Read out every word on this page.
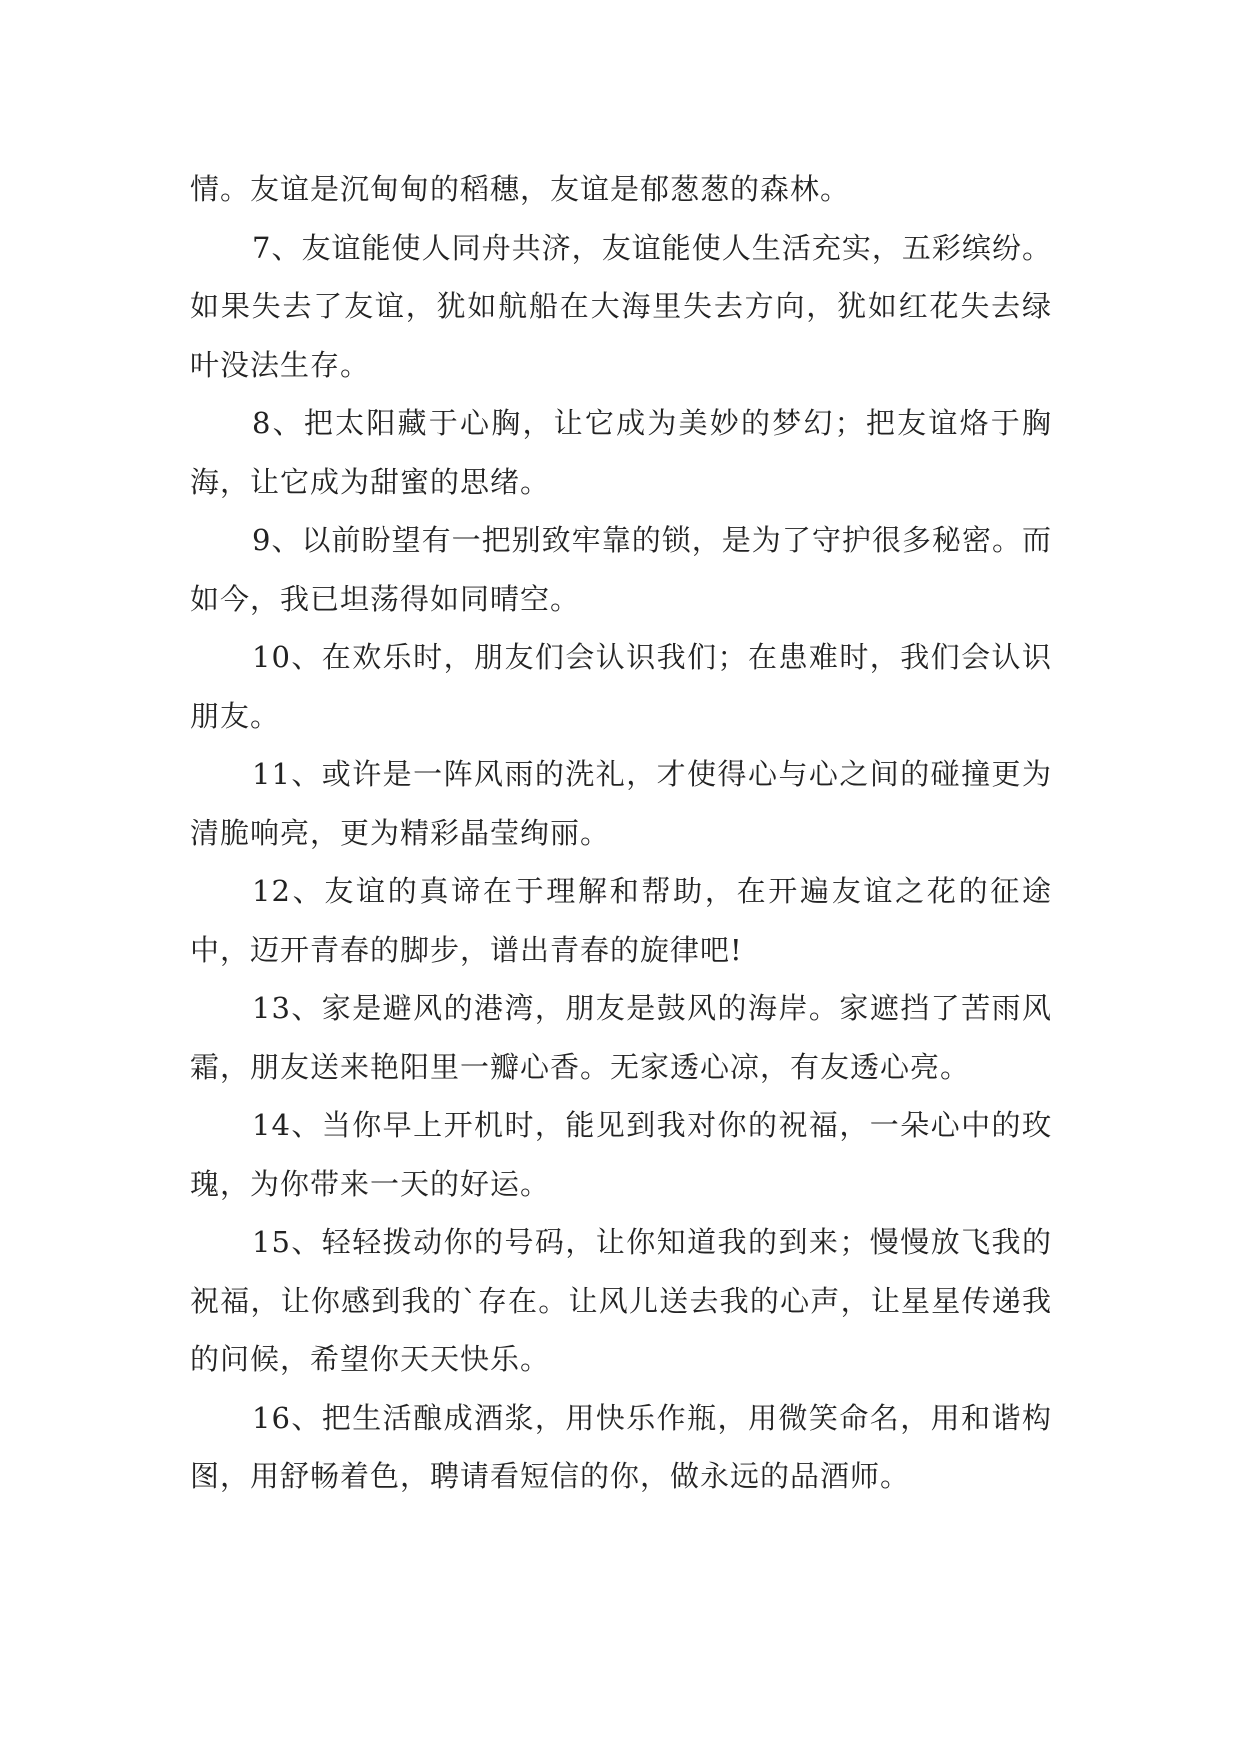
情。友谊是沉甸甸的稻穗，友谊是郁葱葱的森林。

7、友谊能使人同舟共济，友谊能使人生活充实，五彩缤纷。如果失去了友谊，犹如航船在大海里失去方向，犹如红花失去绿叶没法生存。

8、把太阳藏于心胸，让它成为美妙的梦幻；把友谊烙于胸海，让它成为甜蜜的思绪。

9、以前盼望有一把别致牢靠的锁，是为了守护很多秘密。而如今，我已坦荡得如同晴空。

10、在欢乐时，朋友们会认识我们；在患难时，我们会认识朋友。

11、或许是一阵风雨的洗礼，才使得心与心之间的碰撞更为清脆响亮，更为精彩晶莹绚丽。

12、友谊的真谛在于理解和帮助，在开遍友谊之花的征途中，迈开青春的脚步，谱出青春的旋律吧!

13、家是避风的港湾，朋友是鼓风的海岸。家遮挡了苦雨风霜，朋友送来艳阳里一瓣心香。无家透心凉，有友透心亮。

14、当你早上开机时，能见到我对你的祝福，一朵心中的玫瑰，为你带来一天的好运。

15、轻轻拨动你的号码，让你知道我的到来；慢慢放飞我的祝福，让你感到我的`存在。让风儿送去我的心声，让星星传递我的问候，希望你天天快乐。

16、把生活酿成酒浆，用快乐作瓶，用微笑命名，用和谐构图，用舒畅着色，聘请看短信的你，做永远的品酒师。
